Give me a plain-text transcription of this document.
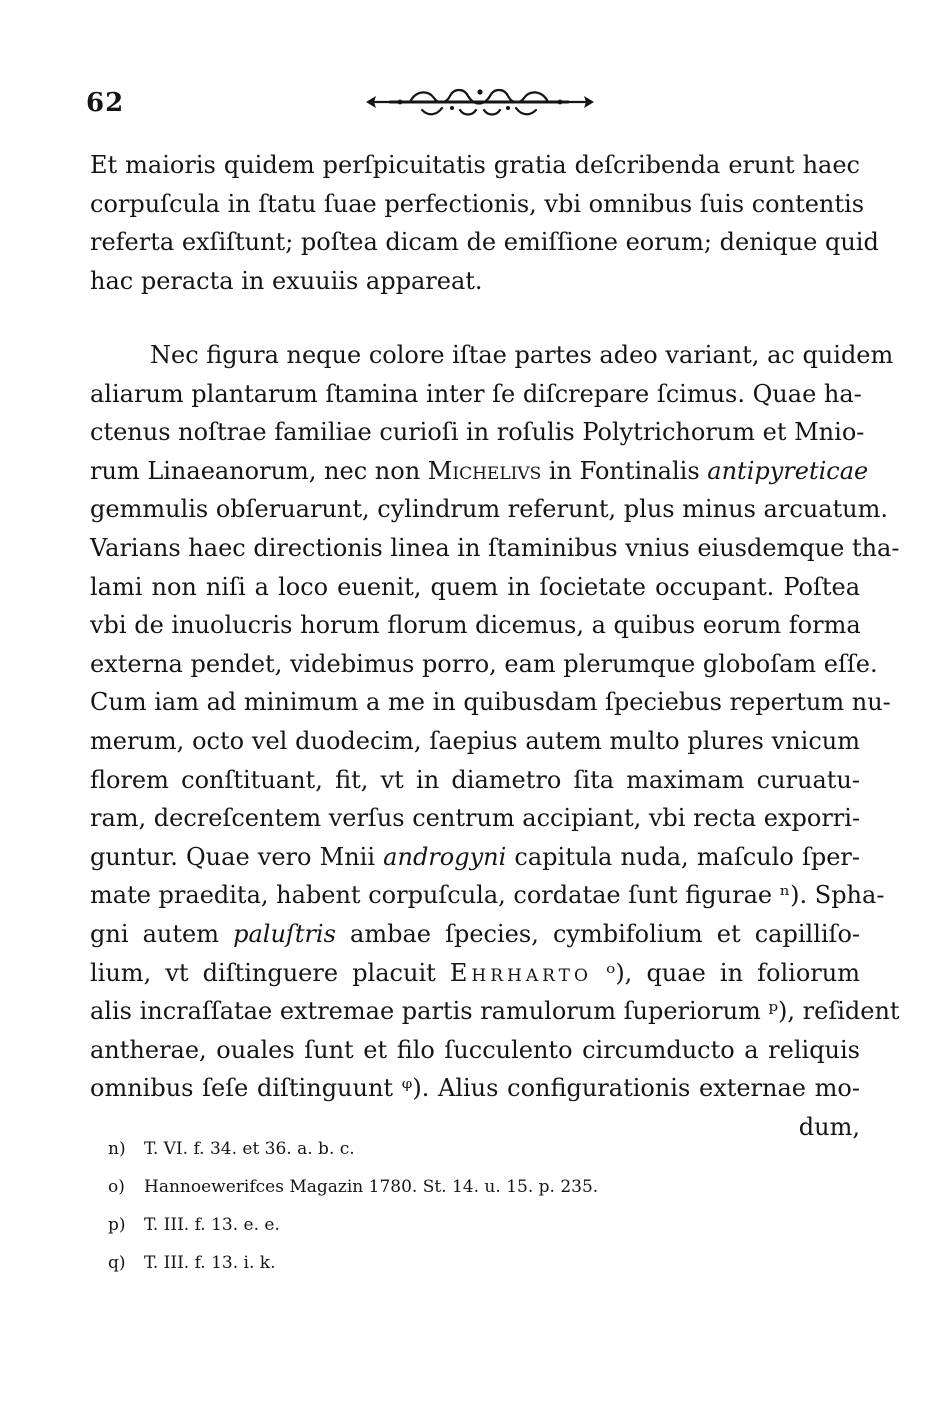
62
Et maioris quidem perſpicuitatis gratia deſcribenda erunt haec
corpuſcula in ſtatu ſuae perfectionis, vbi omnibus ſuis contentis
referta exſiſtunt; poſtea dicam de emiſſione eorum; denique quid
hac peracta in exuuiis appareat.
Nec figura neque colore iſtae partes adeo variant, ac quidem
aliarum plantarum ſtamina inter ſe diſcrepare ſcimus. Quae ha-
ctenus noſtrae familiae curioſi in roſulis Polytrichorum et Mnio-
rum Linaeanorum, nec non Michelivs in Fontinalis antipyreticae
gemmulis obſeruarunt, cylindrum referunt, plus minus arcuatum.
Varians haec directionis linea in ſtaminibus vnius eiusdemque tha-
lami non niſi a loco euenit, quem in ſocietate occupant. Poſtea
vbi de inuolucris horum florum dicemus, a quibus eorum forma
externa pendet, videbimus porro, eam plerumque globoſam eſſe.
Cum iam ad minimum a me in quibusdam ſpeciebus repertum nu-
merum, octo vel duodecim, ſaepius autem multo plures vnicum
florem conſtituant, fit, vt in diametro ſita maximam curuatu-
ram, decreſcentem verſus centrum accipiant, vbi recta exporri-
guntur. Quae vero Mnii androgyni capitula nuda, maſculo ſper-
mate praedita, habent corpuſcula, cordatae ſunt figurae ⁿ). Spha-
gni autem paluſtris ambae ſpecies, cymbifolium et capilliſo-
lium, vt diſtinguere placuit Ehrharto ᵒ), quae in foliorum
alis incraſſatae extremae partis ramulorum ſuperiorum ᵖ), reſident
antherae, ouales ſunt et filo ſucculento circumducto a reliquis
omnibus ſeſe diſtinguunt ᵠ). Alius configurationis externae mo-
dum,
n) T. VI. f. 34. et 36. a. b. c.
o) Hannoewerifces Magazin 1780. St. 14. u. 15. p. 235.
p) T. III. f. 13. e. e.
q) T. III. f. 13. i. k.
